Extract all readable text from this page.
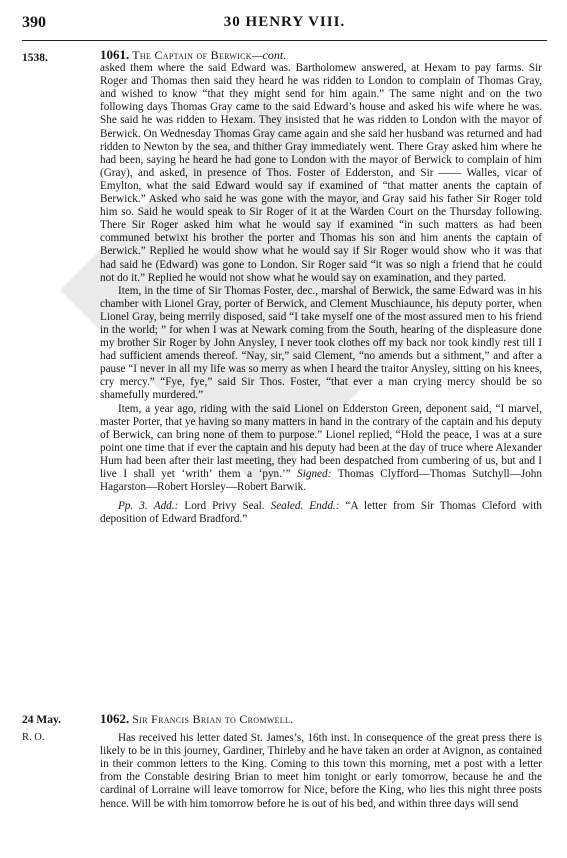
390	30 HENRY VIII.
1538.	1061. The Captain of Berwick—cont.

asked them where the said Edward was. Bartholomew answered, at Hexam to pay farms. Sir Roger and Thomas then said they heard he was ridden to London to complain of Thomas Gray, and wished to know “that they might send for him again.” The same night and on the two following days Thomas Gray came to the said Edward’s house and asked his wife where he was. She said he was ridden to Hexam. They insisted that he was ridden to London with the mayor of Berwick. On Wednesday Thomas Gray came again and she said her husband was returned and had ridden to Newton by the sea, and thither Gray immediately went. There Gray asked him where he had been, saying he heard he had gone to London with the mayor of Berwick to complain of him (Gray), and asked, in presence of Thos. Foster of Edderston, and Sir —— Walles, vicar of Emylton, what the said Edward would say if examined of “that matter anents the captain of Berwick.” Asked who said he was gone with the mayor, and Gray said his father Sir Roger told him so. Said he would speak to Sir Roger of it at the Warden Court on the Thursday following. There Sir Roger asked him what he would say if examined “in such matters as had been communed betwixt his brother the porter and Thomas his son and him anents the captain of Berwick.” Replied he would show what he would say if Sir Roger would show who it was that had said he (Edward) was gone to London. Sir Roger said “it was so nigh a friend that he could not do it.” Replied he would not show what he would say on examination, and they parted.

Item, in the time of Sir Thomas Foster, dec., marshal of Berwick, the same Edward was in his chamber with Lionel Gray, porter of Berwick, and Clement Muschiaunce, his deputy porter, when Lionel Gray, being merrily disposed, said “I take myself one of the most assured men to his friend in the world; ” for when I was at Newark coming from the South, hearing of the displeasure done my brother Sir Roger by John Anysley, I never took clothes off my back nor took kindly rest till I had sufficient amends thereof. “Nay, sir,” said Clement, “no amends but a sithment,” and after a pause “I never in all my life was so merry as when I heard the traitor Anysley, sitting on his knees, cry mercy.” “Fye, fye,” said Sir Thos. Foster, “that ever a man crying mercy should be so shamefully murdered.”

Item, a year ago, riding with the said Lionel on Edderston Green, deponent said, “I marvel, master Porter, that ye having so many matters in hand in the contrary of the captain and his deputy of Berwick, can bring none of them to purpose.” Lionel replied, “Hold the peace, I was at a sure point one time that if ever the captain and his deputy had been at the day of truce where Alexander Hum had been after their last meeting, they had been despatched from cumbering of us, but and I live I shall yet ‘writh’ them a ‘pyn.’” Signed: Thomas Clyfford—Thomas Sutchyll—John Hagarston—Robert Horsley—Robert Barwik.

Pp. 3. Add.: Lord Privy Seal. Sealed. Endd.: “A letter from Sir Thomas Cleford with deposition of Edward Bradford.”

24 May.
R. O.
1062. Sir Francis Brian to Cromwell.

Has received his letter dated St. James’s, 16th inst. In consequence of the great press there is likely to be in this journey, Gardiner, Thirleby and he have taken an order at Avignon, as contained in their common letters to the King. Coming to this town this morning, met a post with a letter from the Constable desiring Brian to meet him tonight or early tomorrow, because he and the cardinal of Lorraine will leave tomorrow for Nice, before the King, who lies this night three posts hence. Will be with him tomorrow before he is out of his bed, and within three days will send
